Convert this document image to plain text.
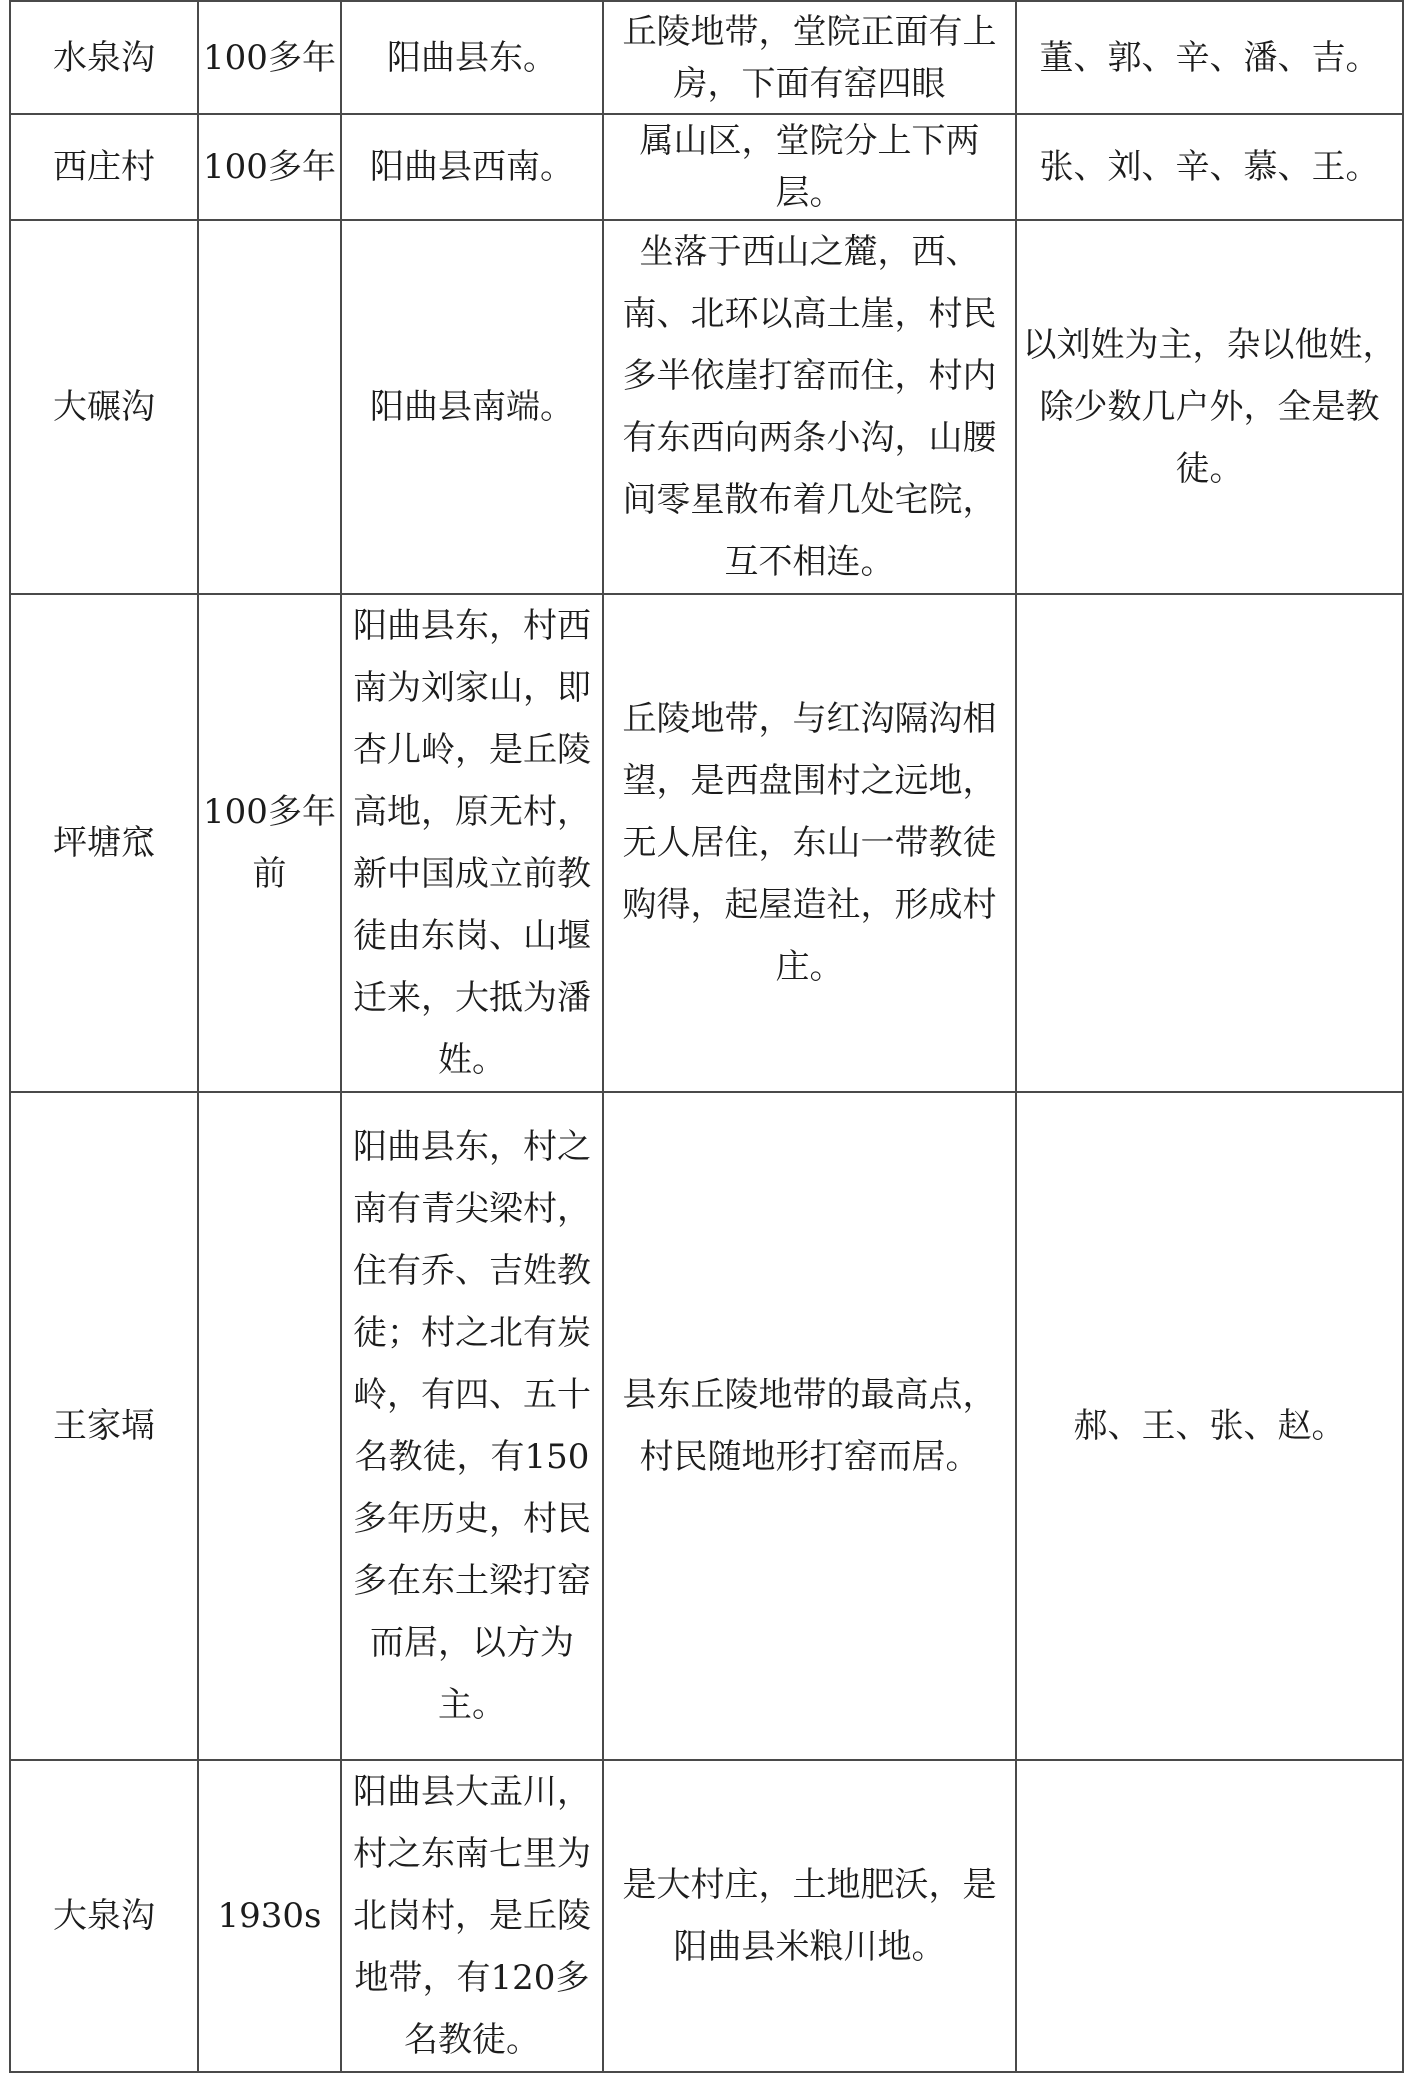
水泉沟	100多年	阳曲县东。	丘陵地带，堂院正面有上房，下面有窑四眼	董、郭、辛、潘、吉。
西庄村	100多年	阳曲县西南。	属山区，堂院分上下两层。	张、刘、辛、慕、王。
大碾沟		阳曲县南端。	坐落于西山之麓，西、南、北环以高土崖，村民多半依崖打窑而住，村内有东西向两条小沟，山腰间零星散布着几处宅院，互不相连。	以刘姓为主，杂以他姓，除少数几户外，全是教徒。
坪塘窊	100多年前	阳曲县东，村西南为刘家山，即杏儿岭，是丘陵高地，原无村，新中国成立前教徒由东岗、山堰迁来，大抵为潘姓。	丘陵地带，与红沟隔沟相望，是西盘围村之远地，无人居住，东山一带教徒购得，起屋造社，形成村庄。	
王家塥		阳曲县东，村之南有青尖梁村，住有乔、吉姓教徒；村之北有炭岭，有四、五十名教徒，有150多年历史，村民多在东土梁打窑而居，以方为主。	县东丘陵地带的最高点，村民随地形打窑而居。	郝、王、张、赵。
大泉沟	1930s	阳曲县大盂川，村之东南七里为北岗村，是丘陵地带，有120多名教徒。	是大村庄，土地肥沃，是阳曲县米粮川地。	
